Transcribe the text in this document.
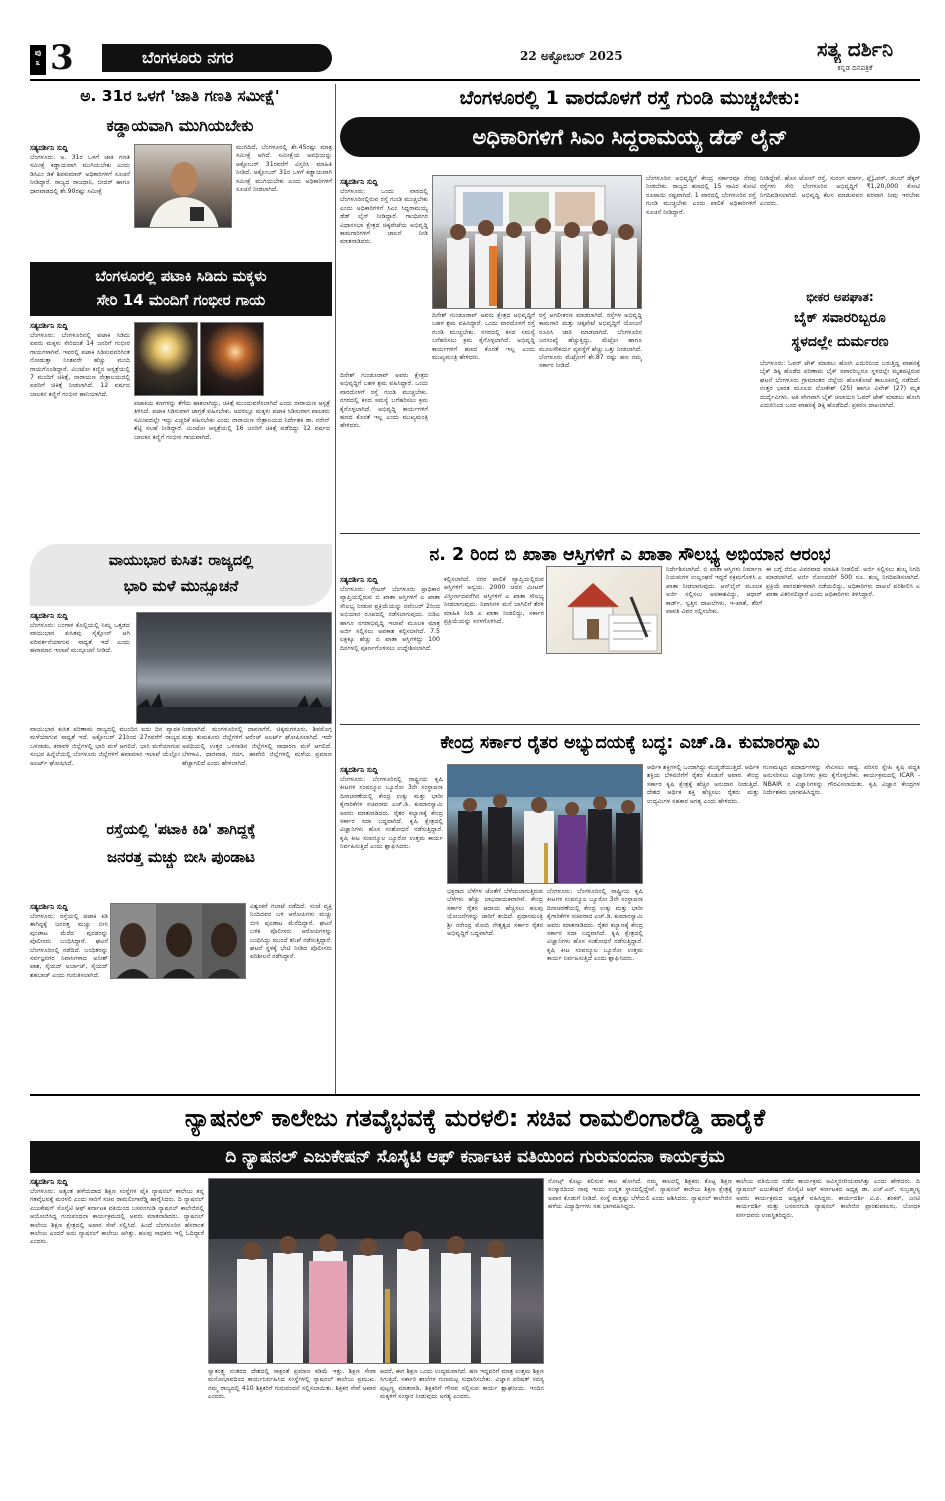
ಪು
೩ 3	ಬೆಂಗಳೂರು ನಗರ	22 ಅಕ್ಟೋಬರ್ 2025	ಸತ್ಯ ದರ್ಶಿನಿ
ಕನ್ನಡ ದಿನಪತ್ರಿಕೆ
ಅ. 31ರ ಒಳಗೆ 'ಜಾತಿ ಗಣತಿ ಸಮೀಕ್ಷೆ'
ಕಡ್ಡಾಯವಾಗಿ ಮುಗಿಯಬೇಕು
ಸತ್ಯದರ್ಶಿನಿ ಸುದ್ದಿ
ಬೆಂಗಳೂರು: ಅ. 31ರ ಒಳಗೆ ಜಾತಿ ಗಣತಿ ಸಮೀಕ್ಷೆ ಕಡ್ಡಾಯವಾಗಿ ಮುಗಿಯಬೇಕು ಎಂದು ಡಿಸಿಎಂ ಡಿಕೆ ಶಿವಕುಮಾರ್ ಅಧಿಕಾರಿಗಳಿಗೆ ಸೂಚನೆ ನೀಡಿದ್ದಾರೆ. ರಾಜ್ಯದ ರಾಜಧಾನಿ, ಬೀದರ್ ಹಾಗೂ ಧಾರವಾಡದಲ್ಲಿ ಶೇ.90ರಷ್ಟು ಸಮೀಕ್ಷೆ
ಮುಗಿದಿದೆ, ಬೆಂಗಳೂರಲ್ಲಿ ಶೇ.45ರಷ್ಟು ಮಾತ್ರ ಸಮೀಕ್ಷೆ ಆಗಿದೆ. ಸಮೀಕ್ಷೆಯ ಅವಧಿಯನ್ನು ಅಕ್ಟೋಬರ್ 31ರವರೆಗೆ ವಿಸ್ತರಿಸಿ ಮಾಹಿತಿ ನೀಡಿದೆ. ಅಕ್ಟೋಬರ್ 31ರ ಒಳಗೆ ಕಡ್ಡಾಯವಾಗಿ ಸಮೀಕ್ಷೆ ಮುಗಿಯಬೇಕು ಎಂದು ಅಧಿಕಾರಿಗಳಿಗೆ ಸೂಚನೆ ನೀಡಲಾಗಿದೆ.
ಬೆಂಗಳೂರಲ್ಲಿ ಪಟಾಕಿ ಸಿಡಿದು ಮಕ್ಕಳು
ಸೇರಿ 14 ಮಂದಿಗೆ ಗಂಭೀರ ಗಾಯ
ಸತ್ಯದರ್ಶಿನಿ ಸುದ್ದಿ
ಬೆಂಗಳೂರು: ಬೆಂಗಳೂರಿನಲ್ಲಿ ಪಟಾಕಿ ಸಿಡಿದು ಐವರು ಮಕ್ಕಳು ಸೇರಿದಂತೆ 14 ಜನರಿಗೆ ಗಂಭೀರ ಗಾಯಗಳಾಗಿವೆ. ಇವರಲ್ಲಿ ಪಟಾಕಿ ಸಿಡಿಸುವವರಿಗಿಂತ ನೋಡುತ್ತಾ ನಿಂತವರೇ ಹೆಚ್ಚು ಮಂದಿ ಗಾಯಗೊಂಡಿದ್ದಾರೆ. ಮಿಂಟೋ ಕಣ್ಣಿನ ಆಸ್ಪತ್ರೆಯಲ್ಲಿ 7 ಮಂದಿಗೆ ಚಿಕಿತ್ಸೆ, ನಾರಾಯಣ ನೇತ್ರಾಲಯದಲ್ಲಿ ಐವರಿಗೆ ಚಿಕಿತ್ಸೆ ನೀಡಲಾಗಿದೆ. 12 ವರ್ಷದ ಬಾಲಕನ ಕಣ್ಣಿಗೆ ಗಂಭೀರ ಹಾನಿಯಾಗಿದೆ.
ಪಟಾಕಿಯ ಕಣಗಳನ್ನು ತೆಗೆದು ಹಾಕಲಾಗಿದ್ದು, ಚಿಕಿತ್ಸೆ ಮುಂದುವರೆಸಲಾಗಿದೆ ಎಂದು ನಾರಾಯಣ ಆಸ್ಪತ್ರೆ ತಿಳಿಸಿದೆ. ಪಟಾಕಿ ಸಿಡಿಸುವಾಗ ಜಾಗ್ರತೆ ವಹಿಸಬೇಕು. ಅದರಲ್ಲೂ ಮಕ್ಕಳು ಪಟಾಕಿ ಸಿಡಿಸುವಾಗ ಪಾಲಕರು ಸಮೀಪದಲ್ಲೇ ಇದ್ದು ಎಚ್ಚರಿಕೆ ವಹಿಸಬೇಕು ಎಂದು ನಾರಾಯಣ ನೇತ್ರಾಲಯದ ನಿರ್ದೇಶಕ ಡಾ. ನರೇನ್ ಶೆಟ್ಟಿ ಸಲಹೆ ನೀಡಿದ್ದಾರೆ. ಮಿಂಟೋ ಆಸ್ಪತ್ರೆಯಲ್ಲಿ 16 ಜನರಿಗೆ ಚಿಕಿತ್ಸೆ ಪಡೆದಿದ್ದು 12 ವರ್ಷದ ಬಾಲಕನ ಕಣ್ಣಿಗೆ ಗಂಭೀರ ಗಾಯವಾಗಿದೆ.
ವಾಯುಭಾರ ಕುಸಿತ: ರಾಜ್ಯದಲ್ಲಿ
ಭಾರಿ ಮಳೆ ಮುನ್ಸೂಚನೆ
ಸತ್ಯದರ್ಶಿನಿ ಸುದ್ದಿ
ಬೆಂಗಳೂರು: ಬಂಗಾಳ ಕೊಲ್ಲಿಯಲ್ಲಿ ನಿಮ್ನ ಒತ್ತಡದ ವಾಯುಭಾರ ಕುಸಿತವು ಸೈಕ್ಲೋನ್ ಆಗಿ ಪರಿವರ್ತನೆಯಾಗುವ ಸಾಧ್ಯತೆ ಇದೆ ಎಂದು ಹವಾಮಾನ ಇಲಾಖೆ ಮುನ್ಸೂಚನೆ ನೀಡಿದೆ.
ವಾಯುಭಾರ ಕುಸಿತ ಪರಿಣಾಮ ರಾಜ್ಯದಲ್ಲಿ ಮುಂದಿನ ಐದು ದಿನ ವ್ಯಾಪಕ ಮಳೆಯಾಗುವ ಸಾಧ್ಯತೆ ಇದೆ. ಅಕ್ಟೋಬರ್ 21ರಿಂದ 27ರವರೆಗೆ ರಾಜ್ಯದ ಒಳನಾಡು, ಕರಾವಳಿ ಜಿಲ್ಲೆಗಳಲ್ಲಿ ಭಾರಿ ಮಳೆ ಆಗಲಿದೆ. ಭಾರಿ ಮಳೆಯಾಗುವ ಸಂಭವ ಹಿನ್ನೆಲೆಯಲ್ಲಿ ಬೆಂಗಳೂರು ಜಿಲ್ಲೆಗಳಿಗೆ ಹವಾಮಾನ ಇಲಾಖೆ ಯೆಲ್ಲೋ ಅಲರ್ಟ್ ಘೋಷಿಸಿದೆ.
ನೀಡಲಾಗಿದೆ. ಮಂಗಳೂರಿನಲ್ಲಿ ದಾವಣಗೆರೆ, ಚಿಕ್ಕಮಗಳೂರು, ಶಿವಮೊಗ್ಗ ಮತ್ತು ತುಮಕೂರು ಜಿಲ್ಲೆಗಳಿಗೆ ಆರೆಂಜ್ ಅಲರ್ಟ್ ಘೋಷಿಸಲಾಗಿದೆ. ಇದೇ ಅವಧಿಯಲ್ಲಿ ಉತ್ತರ ಒಳನಾಡಿನ ಜಿಲ್ಲೆಗಳಲ್ಲಿ ಸಾಧಾರಣ ಮಳೆ ಆಗಲಿದೆ. ಬೆಳಗಾವಿ, ಧಾರವಾಡ, ಗದಗ, ಹಾವೇರಿ ಜಿಲ್ಲೆಗಳಲ್ಲಿ ಮಳೆಯ ಪ್ರಮಾಣ ಹೆಚ್ಚಾಗಲಿದೆ ಎಂದು ಹೇಳಲಾಗಿದೆ.
ರಸ್ತೆಯಲ್ಲಿ 'ಪಟಾಕಿ ಕಿಡಿ' ತಾಗಿದ್ದಕ್ಕೆ
ಜನರತ್ತ ಮಚ್ಚು ಬೀಸಿ ಪುಂಡಾಟ
ಸತ್ಯದರ್ಶಿನಿ ಸುದ್ದಿ
ಬೆಂಗಳೂರು: ರಸ್ತೆಯಲ್ಲಿ ಪಟಾಕಿ ಕಿಡಿ ತಾಗಿದ್ದಕ್ಕೆ ಜನರತ್ತ ಮಚ್ಚು ಬೀಸಿ ಪುಂಡಾಟ ಮೆರೆದ ಪುಂಡರನ್ನು ಪೊಲೀಸರು ಬಂಧಿಸಿದ್ದಾರೆ. ಘಟನೆ ಬೆಂಗಳೂರಿನಲ್ಲಿ ನಡೆದಿದೆ. ಬಂಧಿತರನ್ನು ಸರ್ವಜ್ಞನಗರ ನಿವಾಸಿಗಳಾದ ಅನೀಶ್ ಪಾಶ, ಸೈಯದ್ ಅರ್ಬಾಜ್, ಸೈಯದ್ ಶಹಬಾಜ್ ಎಂದು ಗುರುತಿಸಲಾಗಿದೆ.
ವಿಶ್ವಂಕರೆ ಗಲಾಟೆ ನಡೆದಿದೆ. ಸಂಜೆ ವ್ಯಕ್ತಿ ನಿಂದಿದವರ ಬಳಿ ಆರೋಪಿಗಳು ಮಚ್ಚು ಬೀಸಿ ಪುಂಡಾಟ ಮೆರೆದಿದ್ದಾರೆ. ಘಟನೆ ಬಳಿಕ ಪೊಲೀಸರು ಆರೋಪಿಗಳನ್ನು ಬಂಧಿಸಿದ್ದು ಮುಂದೆ ತನಿಖೆ ನಡೆಸುತ್ತಿದ್ದಾರೆ. ಘಟನೆ ಸ್ಥಳಕ್ಕೆ ಭೇಟಿ ನೀಡಿದ ಪೊಲೀಸರು ಪರಿಶೀಲನೆ ನಡೆಸಿದ್ದಾರೆ.
ಬೆಂಗಳೂರಲ್ಲಿ 1 ವಾರದೊಳಗೆ ರಸ್ತೆ ಗುಂಡಿ ಮುಚ್ಚಬೇಕು:
ಅಧಿಕಾರಿಗಳಿಗೆ ಸಿಎಂ ಸಿದ್ದರಾಮಯ್ಯ ಡೆಡ್ ಲೈನ್
ಸತ್ಯದರ್ಶಿನಿ ಸುದ್ದಿ
ಬೆಂಗಳೂರು: ಒಂದು ವಾರದಲ್ಲಿ ಬೆಂಗಳೂರಿನಲ್ಲಿರುವ ರಸ್ತೆ ಗುಂಡಿ ಮುಚ್ಚಬೇಕು ಎಂದು ಅಧಿಕಾರಿಗಳಿಗೆ ಸಿಎಂ ಸಿದ್ದರಾಮಯ್ಯ ಡೆಡ್ ಲೈನ್ ನೀಡಿದ್ದಾರೆ. ಗಾಂಧಿನಗರ ವಿಧಾನಸಭಾ ಕ್ಷೇತ್ರದ ಚಿಕ್ಕಪೇಟೆಯ ಅಭಿವೃದ್ಧಿ ಕಾಮಗಾರಿಗಳಿಗೆ ಚಾಲನೆ ನೀಡಿ ಮಾತನಾಡಿದರು.
ದಿನೇಶ್ ಗುಂಡೂರಾವ್ ಅವರು ಕ್ಷೇತ್ರದ ಅಭಿವೃದ್ಧಿಗೆ ಬಹಳ ಶ್ರಮ ವಹಿಸಿದ್ದಾರೆ. ಒಂದು ವಾರದೊಳಗೆ ರಸ್ತೆ ಗುಂಡಿ ಮುಚ್ಚಬೇಕು. ನಗರದಲ್ಲಿ ಕಸದ ಸಮಸ್ಯೆ ಬಗೆಹರಿಸಲು ಕ್ರಮ ಕೈಗೊಳ್ಳಲಾಗಿದೆ. ಅಭಿವೃದ್ಧಿ ಕಾರ್ಯಗಳಿಗೆ ಹಣದ ಕೊರತೆ ಇಲ್ಲ ಎಂದು ಮುಖ್ಯಮಂತ್ರಿ ಹೇಳಿದರು.
ರಸ್ತೆ ಅಗಲೀಕರಣ ಮಾಡಲಾಗಿದೆ. ರಸ್ತೆಗಳ ಅಭಿವೃದ್ಧಿ ಕಾಮಗಾರಿ ಮತ್ತು ಚಿಕ್ಕಪೇಟೆ ಅಭಿವೃದ್ಧಿಗೆ ಯೋಜನೆ ರೂಪಿಸಿ ಜಾರಿ ಮಾಡಲಾಗಿದೆ. ಬೆಂಗಳೂರಿನ ಜನಸಂಖ್ಯೆ ಹೆಚ್ಚುತ್ತಿದ್ದು, ಮೆಟ್ರೋ ಹಾಗೂ ಮೂಲಸೌಕರ್ಯ ವ್ಯವಸ್ಥೆಗೆ ಹೆಚ್ಚು ಒತ್ತು ನೀಡಲಾಗಿದೆ. ಬೆಂಗಳೂರು ಮೆಟ್ರೋಗೆ ಶೇ.87 ರಷ್ಟು ಹಣ ನಮ್ಮ ಸರ್ಕಾರ ನೀಡಿದೆ.
ದಿನೇಶ್ ಗುಂಡೂರಾವ್ ಅವರು ಕ್ಷೇತ್ರದ ಅಭಿವೃದ್ಧಿಗೆ ಬಹಳ ಶ್ರಮ ವಹಿಸಿದ್ದಾರೆ. ಒಂದು ವಾರದೊಳಗೆ ರಸ್ತೆ ಗುಂಡಿ ಮುಚ್ಚಬೇಕು. ನಗರದಲ್ಲಿ ಕಸದ ಸಮಸ್ಯೆ ಬಗೆಹರಿಸಲು ಕ್ರಮ ಕೈಗೊಳ್ಳಲಾಗಿದೆ. ಅಭಿವೃದ್ಧಿ ಕಾರ್ಯಗಳಿಗೆ ಹಣದ ಕೊರತೆ ಇಲ್ಲ ಎಂದು ಮುಖ್ಯಮಂತ್ರಿ ಹೇಳಿದರು.
ಬೆಂಗಳೂರಿನ ಅಭಿವೃದ್ಧಿಗೆ ಕೇಂದ್ರ ಸರ್ಕಾರವೂ ನೆರವು ನೀಡಬೇಕು. ರಾಜ್ಯದ ಹಣದಲ್ಲಿ 15 ಸಾವಿರ ಕೋಟಿ ರೂಪಾಯಿ ನಷ್ಟವಾಗಿದೆ. 1 ವಾರದಲ್ಲಿ ಬೆಂಗಳೂರಿನ ರಸ್ತೆ ಗುಂಡಿ ಮುಚ್ಚಬೇಕು ಎಂದು ಪಾಲಿಕೆ ಅಧಿಕಾರಿಗಳಿಗೆ ಸೂಚನೆ ನೀಡಿದ್ದಾರೆ.
ನೀಡಿದ್ದೇವೆ. ಹೊಸ ಟೋಲ್ ರಸ್ತೆ, ಸುರಂಗ ಮಾರ್ಗ, ಫ್ಲೈಓವರ್, ಡಬಲ್ ಡೆಕ್ಕರ್ ರಸ್ತೆಗಳು ಸೇರಿ ಬೆಂಗಳೂರಿನ ಅಭಿವೃದ್ಧಿಗೆ ₹1,20,000 ಕೋಟಿ ನಿಗದಿಪಡಿಸಲಾಗಿದೆ. ಅಭಿವೃದ್ಧಿ ಕೆಲಸ ಮಾಡುವವರ ಪರವಾಗಿ ನೀವು ಇರಬೇಕು ಎಂದರು.
ಭೀಕರ ಅಪಘಾತ:
ಬೈಕ್ ಸವಾರರಿಬ್ಬರೂ
ಸ್ಥಳದಲ್ಲೇ ದುರ್ಮರಣ
ಬೆಂಗಳೂರು: ಓವರ್ ಟೇಕ್ ಮಾಡಲು ಹೋಗಿ ಎದುರಿನಿಂದ ಬರುತ್ತಿದ್ದ ವಾಹನಕ್ಕೆ ಬೈಕ್ ಡಿಕ್ಕಿ ಹೊಡೆದ ಪರಿಣಾಮ ಬೈಕ್ ಸವಾರರಿಬ್ಬರೂ ಸ್ಥಳದಲ್ಲೇ ಮೃತಪಟ್ಟಿರುವ ಘಟನೆ ಬೆಂಗಳೂರು ಗ್ರಾಮಾಂತರ ಜಿಲ್ಲೆಯ ಹೊಸಕೋಟೆ ತಾಲೂಕಿನಲ್ಲಿ ನಡೆದಿದೆ. ಉತ್ತರ ಭಾರತ ಮೂಲದ ಲೋಕೇಶ್ (25) ಹಾಗೂ ವಿವೇಕ್ (27) ಮೃತ ದುರ್ದೈವಿಗಳು. ಅತಿ ವೇಗವಾಗಿ ಬೈಕ್ ಚಲಾಯಿಸಿ ಓವರ್ ಟೇಕ್ ಮಾಡಲು ಹೋಗಿ ಎದುರಿನಿಂದ ಬಂದ ವಾಹನಕ್ಕೆ ಡಿಕ್ಕಿ ಹೊಡೆದಿದೆ. ಪ್ರಕರಣ ದಾಖಲಾಗಿದೆ.
ನ. 2 ರಿಂದ ಬಿ ಖಾತಾ ಆಸ್ತಿಗಳಿಗೆ ಎ ಖಾತಾ ಸೌಲಭ್ಯ ಅಭಿಯಾನ ಆರಂಭ
ಸತ್ಯದರ್ಶಿನಿ ಸುದ್ದಿ
ಬೆಂಗಳೂರು: ಗ್ರೇಟರ್ ಬೆಂಗಳೂರು ಪ್ರಾಧಿಕಾರ ವ್ಯಾಪ್ತಿಯಲ್ಲಿರುವ ಬಿ ಖಾತಾ ಆಸ್ತಿಗಳಿಗೆ ಎ ಖಾತಾ ಸೌಲಭ್ಯ ನೀಡುವ ಪ್ರಕ್ರಿಯೆಯನ್ನು ನವೆಂಬರ್ 2ರಿಂದ ಅಭಿಯಾನ ರೂಪದಲ್ಲಿ ನಡೆಸಲಾಗುವುದು. ಬಿಡಿಎ ಹಾಗೂ ನಗರಾಭಿವೃದ್ಧಿ ಇಲಾಖೆ ಮೂಲಕ ಮಾತ್ರ ಅರ್ಜಿ ಸಲ್ಲಿಸಲು ಅವಕಾಶ ಕಲ್ಪಿಸಲಾಗಿದೆ. 7.5 ಲಕ್ಷಕ್ಕೂ ಹೆಚ್ಚು ಬಿ ಖಾತಾ ಆಸ್ತಿಗಳಿದ್ದು 100 ದಿನಗಳಲ್ಲಿ ಪೂರ್ಣಗೊಳಿಸಲು ಉದ್ದೇಶಿಸಲಾಗಿದೆ.
ಕಲ್ಪಿಸಲಾಗಿದೆ. ನಗರ ಪಾಲಿಕೆ ವ್ಯಾಪ್ತಿಯಲ್ಲಿರುವ ಆಸ್ತಿಗಳಿಗೆ ಅನ್ವಯ. 2000 ಚದರ ಮೀಟರ್ ವಿಸ್ತೀರ್ಣದವರೆಗಿನ ಆಸ್ತಿಗಳಿಗೆ ಎ ಖಾತಾ ಸೌಲಭ್ಯ ನೀಡಲಾಗುವುದು. ನಿವಾಸಿಗಳ ಮನೆ ಬಾಗಿಲಿಗೆ ತೆರಳಿ ಮಾಹಿತಿ ನೀಡಿ ಎ ಖಾತಾ ನೀಡಲಿದ್ದು, ಸರ್ಕಾರ ಪ್ರಕ್ರಿಯೆಯನ್ನು ಸರಳಗೊಳಿಸಿದೆ.
ನಿರ್ದೇಶಿಸಲಾಗಿದೆ. ಬಿ ಖಾತಾ ಆಸ್ತಿಗಳು ನಿರ್ಮಾಣ ನಿಯಮಗಳ ಉಲ್ಲಂಘನೆ ಇದ್ದರೆ ಸಕ್ರಮಗೊಳಿಸಿ ಎ ಖಾತಾ ನೀಡಲಾಗುವುದು. ಆನ್‌ಲೈನ್ ಮೂಲಕ ಅರ್ಜಿ ಸಲ್ಲಿಸಲು ಅವಕಾಶವಿದ್ದು, ಆಧಾರ್ ಕಾರ್ಡ್, ಸ್ವತ್ತಿನ ದಾಖಲೆಗಳು, ಇ-ಖಾತೆ, ತೆರಿಗೆ ಪಾವತಿ ವಿವರ ಸಲ್ಲಿಸಬೇಕು.
ಈ ಬಗ್ಗೆ ಜಿಬಿಎ ವಿವರವಾದ ಮಾಹಿತಿ ನೀಡಲಿದೆ. ಅರ್ಜಿ ಸಲ್ಲಿಸಲು ಶುಲ್ಕ ನಿಗದಿ ಮಾಡಲಾಗಿದೆ. ಅರ್ಜಿ ನೋಂದಣಿಗೆ 500 ರೂ. ಶುಲ್ಕ ನಿಗದಿಪಡಿಸಲಾಗಿದೆ. ಪ್ರಕ್ರಿಯೆ ಪಾರದರ್ಶಕವಾಗಿ ನಡೆಯಲಿದ್ದು, ಅಧಿಕಾರಿಗಳು ದಾಖಲೆ ಪರಿಶೀಲಿಸಿ ಎ ಖಾತಾ ವಿತರಿಸಲಿದ್ದಾರೆ ಎಂದು ಅಧಿಕಾರಿಗಳು ತಿಳಿಸಿದ್ದಾರೆ.
ಕೇಂದ್ರ ಸರ್ಕಾರ ರೈತರ ಅಭ್ಯುದಯಕ್ಕೆ ಬದ್ಧ: ಎಚ್.ಡಿ. ಕುಮಾರಸ್ವಾಮಿ
ಸತ್ಯದರ್ಶಿನಿ ಸುದ್ದಿ
ಬೆಂಗಳೂರು: ಬೆಂಗಳೂರಿನಲ್ಲಿ ರಾಷ್ಟ್ರೀಯ ಕೃಷಿ ಕೀಟಗಳ ಸಂಪನ್ಮೂಲ ಬ್ಯೂರೋ 3ನೇ ಸಂಸ್ಥಾಪನಾ ದಿನಾಚರಣೆಯಲ್ಲಿ ಕೇಂದ್ರ ಉಕ್ಕು ಮತ್ತು ಭಾರೀ ಕೈಗಾರಿಕೆಗಳ ಸಚಿವರಾದ ಎಚ್.ಡಿ. ಕುಮಾರಸ್ವಾಮಿ ಅವರು ಮಾತನಾಡಿದರು. ರೈತರ ಕಲ್ಯಾಣಕ್ಕೆ ಕೇಂದ್ರ ಸರ್ಕಾರ ಸದಾ ಬದ್ಧವಾಗಿದೆ. ಕೃಷಿ ಕ್ಷೇತ್ರದಲ್ಲಿ ವಿಜ್ಞಾನಿಗಳು ಹೊಸ ಸಂಶೋಧನೆ ನಡೆಸುತ್ತಿದ್ದಾರೆ. ಕೃಷಿ ಕೀಟ ಸಂಪನ್ಮೂಲ ಬ್ಯೂರೋ ಉತ್ತಮ ಕಾರ್ಯ ನಿರ್ವಹಿಸುತ್ತಿದೆ ಎಂದು ಶ್ಲಾಘಿಸಿದರು.
ಭಕ್ತರಾದ ಬೆಳೆಗಳ ಜೊತೆಗೆ ಬೆಳೆಯಲಾಗುತ್ತಿರುವ ಬೆಳೆಗಳು ಹೆಚ್ಚು ಲಾಭದಾಯಕವಾಗಿವೆ. ಕೇಂದ್ರ ಸರ್ಕಾರ ರೈತರ ಆದಾಯ ಹೆಚ್ಚಿಸಲು ಹಲವು ಯೋಜನೆಗಳನ್ನು ಜಾರಿಗೆ ತಂದಿದೆ. ಪ್ರಧಾನಮಂತ್ರಿ ಶ್ರೀ ನರೇಂದ್ರ ಮೋದಿ ನೇತೃತ್ವದ ಸರ್ಕಾರ ರೈತರ ಅಭಿವೃದ್ಧಿಗೆ ಬದ್ಧವಾಗಿದೆ.
ಬೆಂಗಳೂರು: ಬೆಂಗಳೂರಿನಲ್ಲಿ ರಾಷ್ಟ್ರೀಯ ಕೃಷಿ ಕೀಟಗಳ ಸಂಪನ್ಮೂಲ ಬ್ಯೂರೋ 3ನೇ ಸಂಸ್ಥಾಪನಾ ದಿನಾಚರಣೆಯಲ್ಲಿ ಕೇಂದ್ರ ಉಕ್ಕು ಮತ್ತು ಭಾರೀ ಕೈಗಾರಿಕೆಗಳ ಸಚಿವರಾದ ಎಚ್.ಡಿ. ಕುಮಾರಸ್ವಾಮಿ ಅವರು ಮಾತನಾಡಿದರು. ರೈತರ ಕಲ್ಯಾಣಕ್ಕೆ ಕೇಂದ್ರ ಸರ್ಕಾರ ಸದಾ ಬದ್ಧವಾಗಿದೆ. ಕೃಷಿ ಕ್ಷೇತ್ರದಲ್ಲಿ ವಿಜ್ಞಾನಿಗಳು ಹೊಸ ಸಂಶೋಧನೆ ನಡೆಸುತ್ತಿದ್ದಾರೆ. ಕೃಷಿ ಕೀಟ ಸಂಪನ್ಮೂಲ ಬ್ಯೂರೋ ಉತ್ತಮ ಕಾರ್ಯ ನಿರ್ವಹಿಸುತ್ತಿದೆ ಎಂದು ಶ್ಲಾಘಿಸಿದರು.
ಆರ್ಥಿಕ ಶಕ್ತಿಗಳಲ್ಲಿ ಒಂದಾಗಿದ್ದು ಮುನ್ನಡೆಯುತ್ತಿದೆ. ಆರ್ಥಿಕ ಶಕ್ತಿಯ ಬೆಳವಣಿಗೆಗೆ ರೈತರ ಕೊಡುಗೆ ಅಪಾರ. ಕೇಂದ್ರ ಸರ್ಕಾರ ಕೃಷಿ ಕ್ಷೇತ್ರಕ್ಕೆ ಹೆಚ್ಚಿನ ಅನುದಾನ ನೀಡುತ್ತಿದೆ. ದೇಶದ ಆರ್ಥಿಕ ಶಕ್ತಿ ಹೆಚ್ಚಿಸಲು ರೈತರು ಮತ್ತು ಉದ್ಯಮಿಗಳ ಸಹಕಾರ ಅಗತ್ಯ ಎಂದು ಹೇಳಿದರು.
ಗುಣಮಟ್ಟದ ಪದಾರ್ಥಗಳನ್ನು ಸೇವಿಸಲು ಸಾಧ್ಯ. ಪರಿಸರ ಸ್ನೇಹಿ ಕೃಷಿ ಪದ್ಧತಿ ಅನುಸರಿಸಲು ವಿಜ್ಞಾನಿಗಳು ಕ್ರಮ ಕೈಗೊಳ್ಳಬೇಕು. ಕಾರ್ಯಕ್ರಮದಲ್ಲಿ ICAR - NBAIR ನ ವಿಜ್ಞಾನಿಗಳನ್ನು ಗೌರವಿಸಲಾಯಿತು. ಕೃಷಿ ವಿಜ್ಞಾನ ಕೇಂದ್ರಗಳ ನಿರ್ದೇಶಕರು ಭಾಗವಹಿಸಿದ್ದರು.
ನ್ಯಾಷನಲ್ ಕಾಲೇಜು ಗತವೈಭವಕ್ಕೆ ಮರಳಲಿ: ಸಚಿವ ರಾಮಲಿಂಗಾರೆಡ್ಡಿ ಹಾರೈಕೆ
ದಿ ನ್ಯಾಷನಲ್ ಎಜುಕೇಷನ್ ಸೊಸೈಟಿ ಆಫ್ ಕರ್ನಾಟಕ ವತಿಯಿಂದ ಗುರುವಂದನಾ ಕಾರ್ಯಕ್ರಮ
ಸತ್ಯದರ್ಶಿನಿ ಸುದ್ದಿ
ಬೆಂಗಳೂರು: ಅತ್ಯಂತ ಹಳೆಯದಾದ ಶಿಕ್ಷಣ ಸಂಸ್ಥೆಗಳ ಪೈಕಿ ನ್ಯಾಷನಲ್ ಕಾಲೇಜು ತನ್ನ ಗತವೈಭವಕ್ಕೆ ಮರಳಲಿ ಎಂದು ಸಾರಿಗೆ ಸಚಿವ ರಾಮಲಿಂಗಾರೆಡ್ಡಿ ಹಾರೈಸಿದರು. ದಿ ನ್ಯಾಷನಲ್ ಎಜುಕೇಷನ್ ಸೊಸೈಟಿ ಆಫ್ ಕರ್ನಾಟಕ ವತಿಯಿಂದ ಬಸವನಗುಡಿ ನ್ಯಾಷನಲ್ ಕಾಲೇಜಿನಲ್ಲಿ ಆಯೋಜಿಸಿದ್ದ ಗುರುವಂದನಾ ಕಾರ್ಯಕ್ರಮದಲ್ಲಿ ಅವರು ಮಾತನಾಡಿದರು. ನ್ಯಾಷನಲ್ ಕಾಲೇಜು ಶಿಕ್ಷಣ ಕ್ಷೇತ್ರದಲ್ಲಿ ಅಪಾರ ಸೇವೆ ಸಲ್ಲಿಸಿದೆ. ಹಿಂದೆ ಬೆಂಗಳೂರಿನ ಹೆಸರಾಂತ ಕಾಲೇಜು ಎಂದರೆ ಅದು ನ್ಯಾಷನಲ್ ಕಾಲೇಜು ಆಗಿತ್ತು. ಹಲವು ಸಾಧಕರು ಇಲ್ಲಿ ಓದಿದ್ದಾರೆ ಎಂದರು.
ಸ್ವಾತಂತ್ರ್ಯ ನಂತರದ ದೇಶದಲ್ಲಿ ಸಾಕ್ಷರತೆ ಪ್ರಮಾಣ ಕಡಿಮೆ ಇತ್ತು. ಶಿಕ್ಷಣ ಸೇವಾ ಮನೋಭಾವದಿಂದ ಕಾರ್ಯನಿರ್ವಹಿಸಿದ ಸಂಸ್ಥೆಗಳಲ್ಲಿ ನ್ಯಾಷನಲ್ ಕಾಲೇಜು ಪ್ರಮುಖ. ನಮ್ಮ ರಾಜ್ಯದಲ್ಲಿ 410 ಶಿಕ್ಷಕರಿಗೆ ಗುರುವಂದನೆ ಸಲ್ಲಿಸಲಾಯಿತು. ಶಿಕ್ಷಕರ ಸೇವೆ ಅಪಾರ ಎಂದರು.
ಆದರೆ, ಈಗ ಶಿಕ್ಷಣ ಒಂದು ಉದ್ಯಮವಾಗಿದೆ. ಹಣ ಇದ್ದವರಿಗೆ ಮಾತ್ರ ಉತ್ತಮ ಶಿಕ್ಷಣ ಸಿಗುತ್ತಿದೆ. ಸರ್ಕಾರಿ ಶಾಲೆಗಳ ಗುಣಮಟ್ಟ ಸುಧಾರಿಸಬೇಕು. ವಿಜ್ಞಾನ ಪರಿಷತ್ ಸದಸ್ಯ ಪುಟ್ಟಣ್ಣ ಮಾತನಾಡಿ, ಶಿಕ್ಷಕರಿಗೆ ಗೌರವ ಸಲ್ಲಿಸುವ ಕಾರ್ಯ ಶ್ಲಾಘನೀಯ. ಇಂದಿನ ಮಕ್ಕಳಿಗೆ ಸಂಸ್ಕಾರ ನೀಡುವುದು ಅಗತ್ಯ ಎಂದರು.
ನೋಟ್ಸ್ ಕೊಟ್ಟು ಕಲಿಸುವ ಕಾಲ ಹೋಗಿದೆ. ನಮ್ಮ ಕಾಲದಲ್ಲಿ ಶಿಕ್ಷಕರು ಕೊಟ್ಟ ಶಿಕ್ಷಣ ಸಂಸ್ಕಾರದಿಂದ ನಾವು ಇಂದು ಉನ್ನತ ಸ್ಥಾನದಲ್ಲಿದ್ದೇವೆ. ನ್ಯಾಷನಲ್ ಕಾಲೇಜು ಶಿಕ್ಷಣ ಕ್ಷೇತ್ರಕ್ಕೆ ಅಪಾರ ಕೊಡುಗೆ ನೀಡಿದೆ. ಸಂಸ್ಥೆ ಮತ್ತಷ್ಟು ಬೆಳೆಯಲಿ ಎಂದು ಆಶಿಸಿದರು. ನ್ಯಾಷನಲ್ ಕಾಲೇಜಿನ ಹಳೆಯ ವಿದ್ಯಾರ್ಥಿಗಳು ಸಹ ಭಾಗವಹಿಸಿದ್ದರು.
ಕಾಲೇಜು ವತಿಯಿಂದ ನಡೆದ ಕಾರ್ಯಕ್ರಮ ಅವಿಸ್ಮರಣೀಯವಾಗಿತ್ತು ಎಂದು ಹೇಳಿದರು. ದಿ ನ್ಯಾಷನಲ್ ಎಜುಕೇಷನ್ ಸೊಸೈಟಿ ಆಫ್ ಕರ್ನಾಟಕದ ಅಧ್ಯಕ್ಷ ಡಾ. ಎಚ್.ಎನ್. ಸುಬ್ರಹ್ಮಣ್ಯ ಅವರು ಕಾರ್ಯಕ್ರಮದ ಅಧ್ಯಕ್ಷತೆ ವಹಿಸಿದ್ದರು. ಕಾರ್ಯದರ್ಶಿ ವಿ.ಪಿ. ಶಂಕರ್, ಜಂಟಿ ಕಾರ್ಯದರ್ಶಿ ಮತ್ತು ಬಸವನಗುಡಿ ನ್ಯಾಷನಲ್ ಕಾಲೇಜಿನ ಪ್ರಾಂಶುಪಾಲರು, ಬೋಧಕ ವರ್ಗದವರು ಉಪಸ್ಥಿತರಿದ್ದರು.
